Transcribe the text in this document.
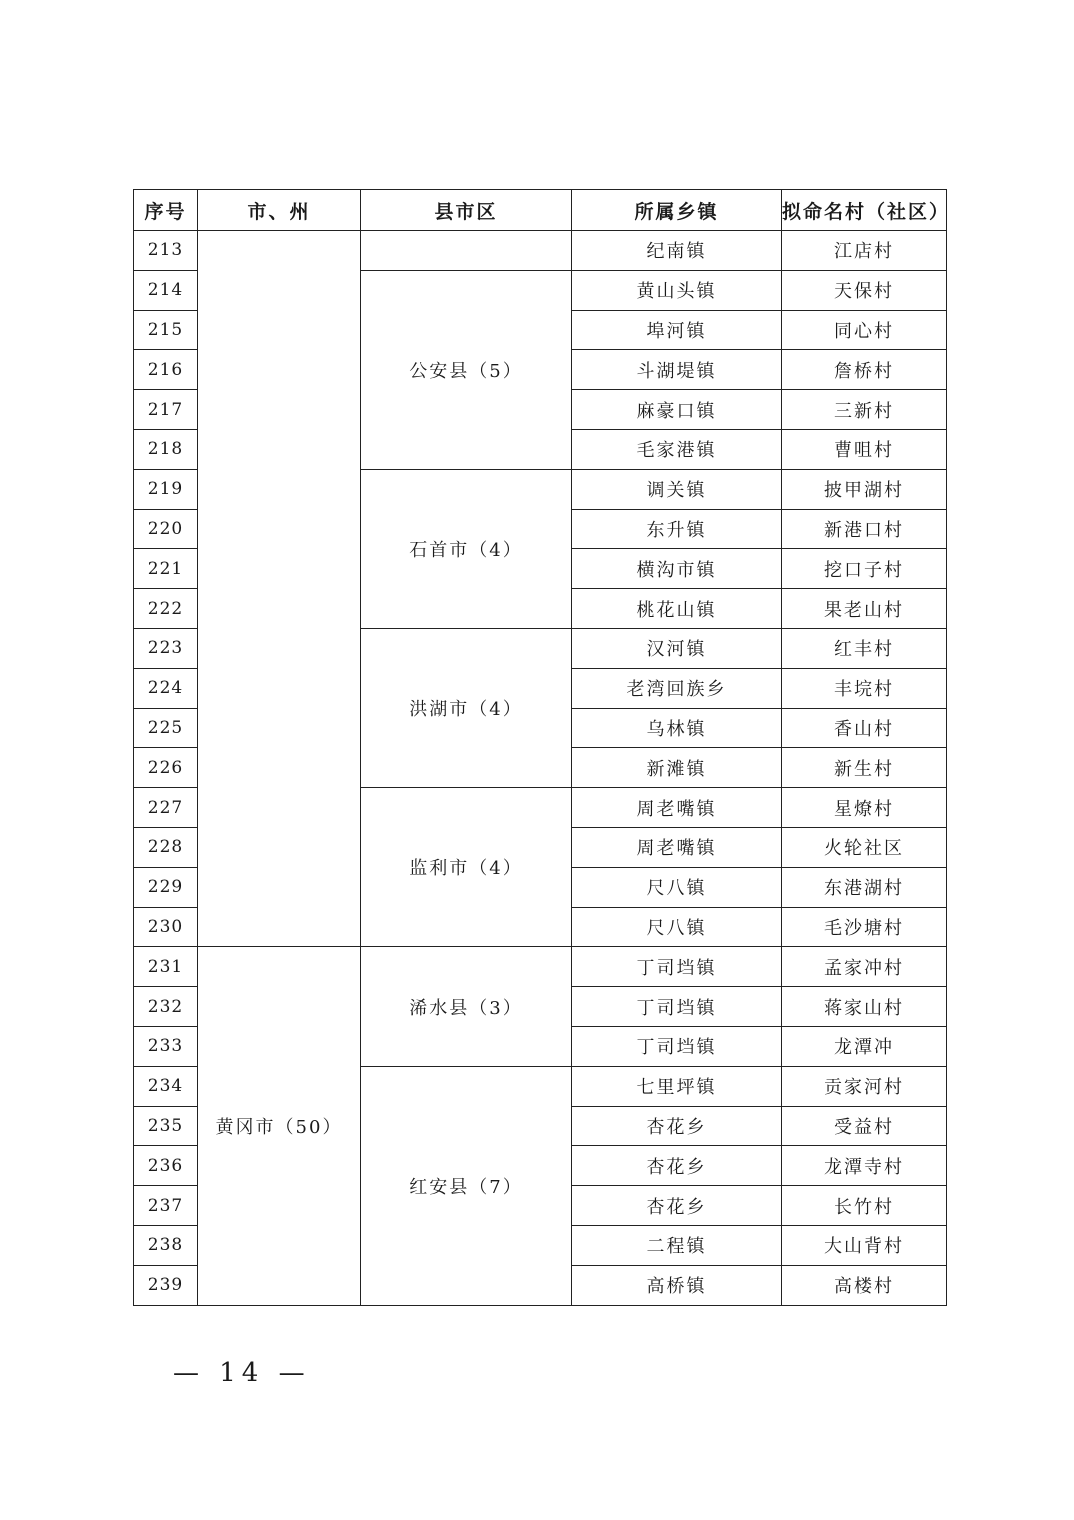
序号	市、州	县市区	所属乡镇	拟命名村（社区）
213			纪南镇	江店村
214		公安县（5）	黄山头镇	天保村
215			埠河镇	同心村
216			斗湖堤镇	詹桥村
217			麻豪口镇	三新村
218			毛家港镇	曹咀村
219		石首市（4）	调关镇	披甲湖村
220			东升镇	新港口村
221			横沟市镇	挖口子村
222			桃花山镇	果老山村
223		洪湖市（4）	汉河镇	红丰村
224			老湾回族乡	丰垸村
225			乌林镇	香山村
226			新滩镇	新生村
227		监利市（4）	周老嘴镇	星燎村
228			周老嘴镇	火轮社区
229			尺八镇	东港湖村
230			尺八镇	毛沙塘村
231	黄冈市（50）	浠水县（3）	丁司垱镇	孟家冲村
232			丁司垱镇	蒋家山村
233			丁司垱镇	龙潭冲
234		红安县（7）	七里坪镇	贡家河村
235			杏花乡	受益村
236			杏花乡	龙潭寺村
237			杏花乡	长竹村
238			二程镇	大山背村
239			高桥镇	高楼村
— 14 —
